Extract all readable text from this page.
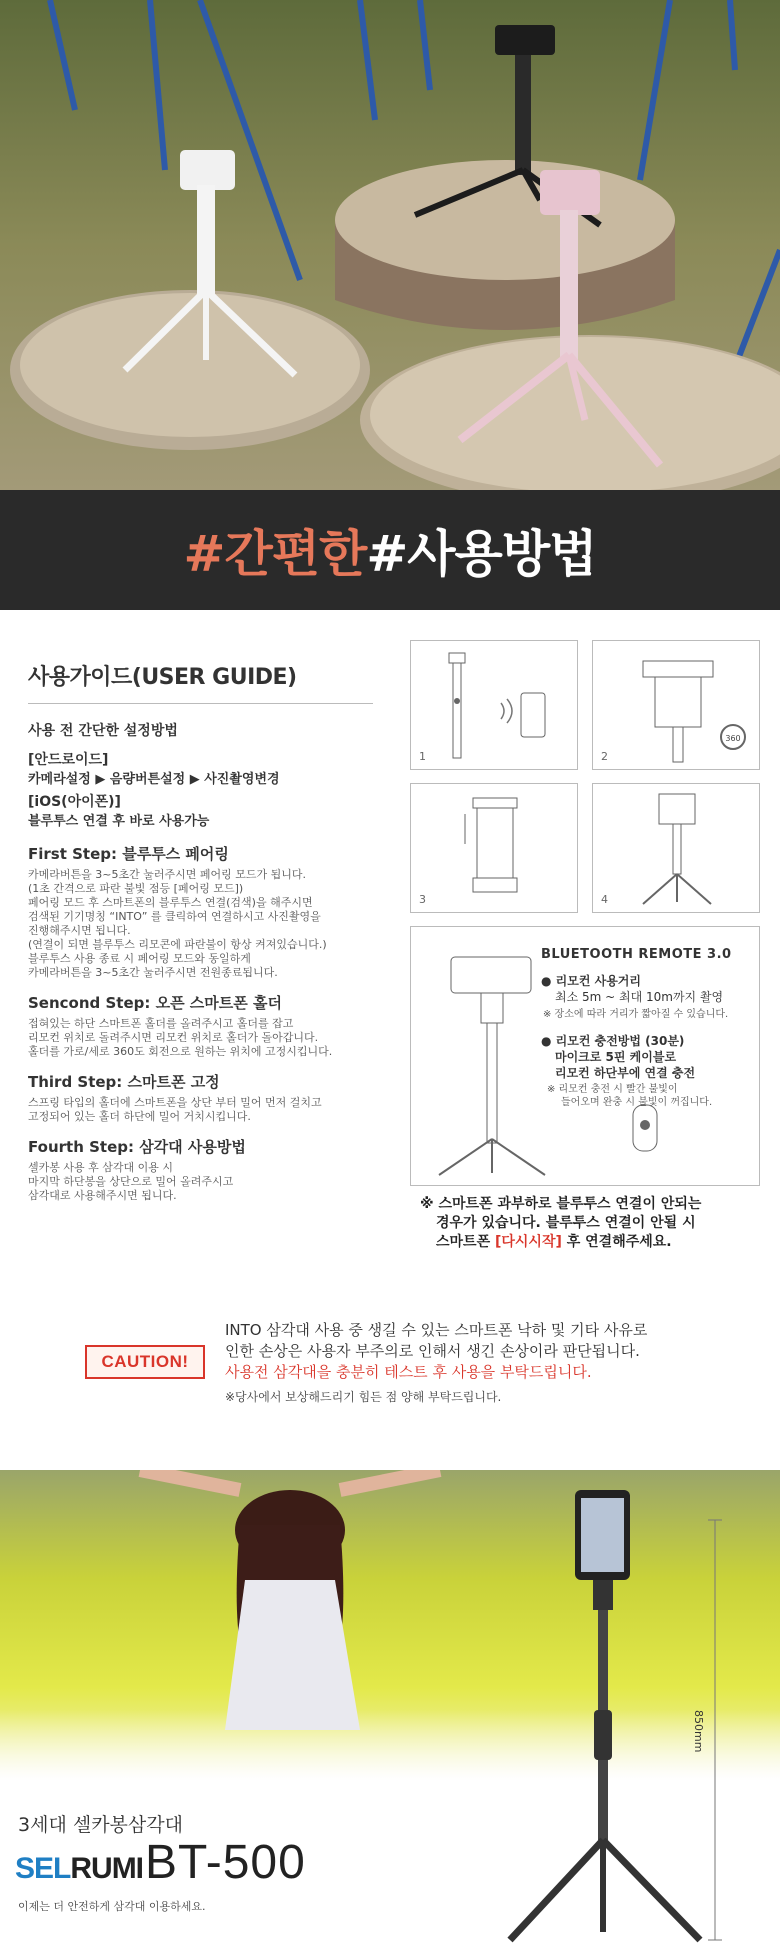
#간편한#사용방법
사용가이드(USER GUIDE)
사용 전 간단한 설정방법
[안드로이드]
카메라설정 ▶ 음량버튼설정 ▶ 사진촬영변경
[iOS(아이폰)]
블루투스 연결 후 바로 사용가능
First Step: 블루투스 페어링
카메라버튼을 3~5초간 눌러주시면 페어링 모드가 됩니다.
(1초 간격으로 파란 불빛 점등 [페어링 모드])
페어링 모드 후 스마트폰의 블루투스 연결(검색)을 해주시면
검색된 기기명칭 “INTO” 를 클릭하여 연결하시고 사진촬영을
진행해주시면 됩니다.
(연결이 되면 블루투스 리모콘에 파란불이 항상 켜져있습니다.)
블루투스 사용 종료 시 페어링 모드와 동일하게
카메라버튼을 3~5초간 눌러주시면 전원종료됩니다.
Sencond Step: 오픈 스마트폰 홀더
접혀있는 하단 스마트폰 홀더를 올려주시고 홀더를 잡고
리모컨 위치로 돌려주시면 리모컨 위치로 홀더가 돌아갑니다.
홀더를 가로/세로 360도 회전으로 원하는 위치에 고정시킵니다.
Third Step: 스마트폰 고정
스프링 타입의 홀더에 스마트폰을 상단 부터 밀어 먼저 걸치고
고정되어 있는 홀더 하단에 밀어 거치시킵니다.
Fourth Step: 삼각대 사용방법
셀카봉 사용 후 삼각대 이용 시
마지막 하단봉을 상단으로 밀어 올려주시고
삼각대로 사용해주시면 됩니다.
1
360
2
3	4
BLUETOOTH REMOTE 3.0
● 리모컨 사용거리
최소 5m ~ 최대 10m까지 촬영
※ 장소에 따라 거리가 짧아질 수 있습니다.
● 리모컨 충전방법 (30분)
마이크로 5핀 케이블로
리모컨 하단부에 연결 충전
※ 리모컨 충전 시 빨간 불빛이
들어오며 완충 시 불빛이 꺼집니다.
※ 스마트폰 과부하로 블루투스 연결이 안되는
경우가 있습니다. 블루투스 연결이 안될 시
스마트폰 [다시시작] 후 연결해주세요.
CAUTION!
INTO 삼각대 사용 중 생길 수 있는 스마트폰 낙하 및 기타 사유로
인한 손상은 사용자 부주의로 인해서 생긴 손상이라 판단됩니다.
사용전 삼각대을 충분히 테스트 후 사용을 부탁드립니다.
※당사에서 보상해드리기 힘든 점 양해 부탁드립니다.
850mm
3세대 셀카봉삼각대
SELRUMIBT-500
이제는 더 안전하게 삼각대 이용하세요.
